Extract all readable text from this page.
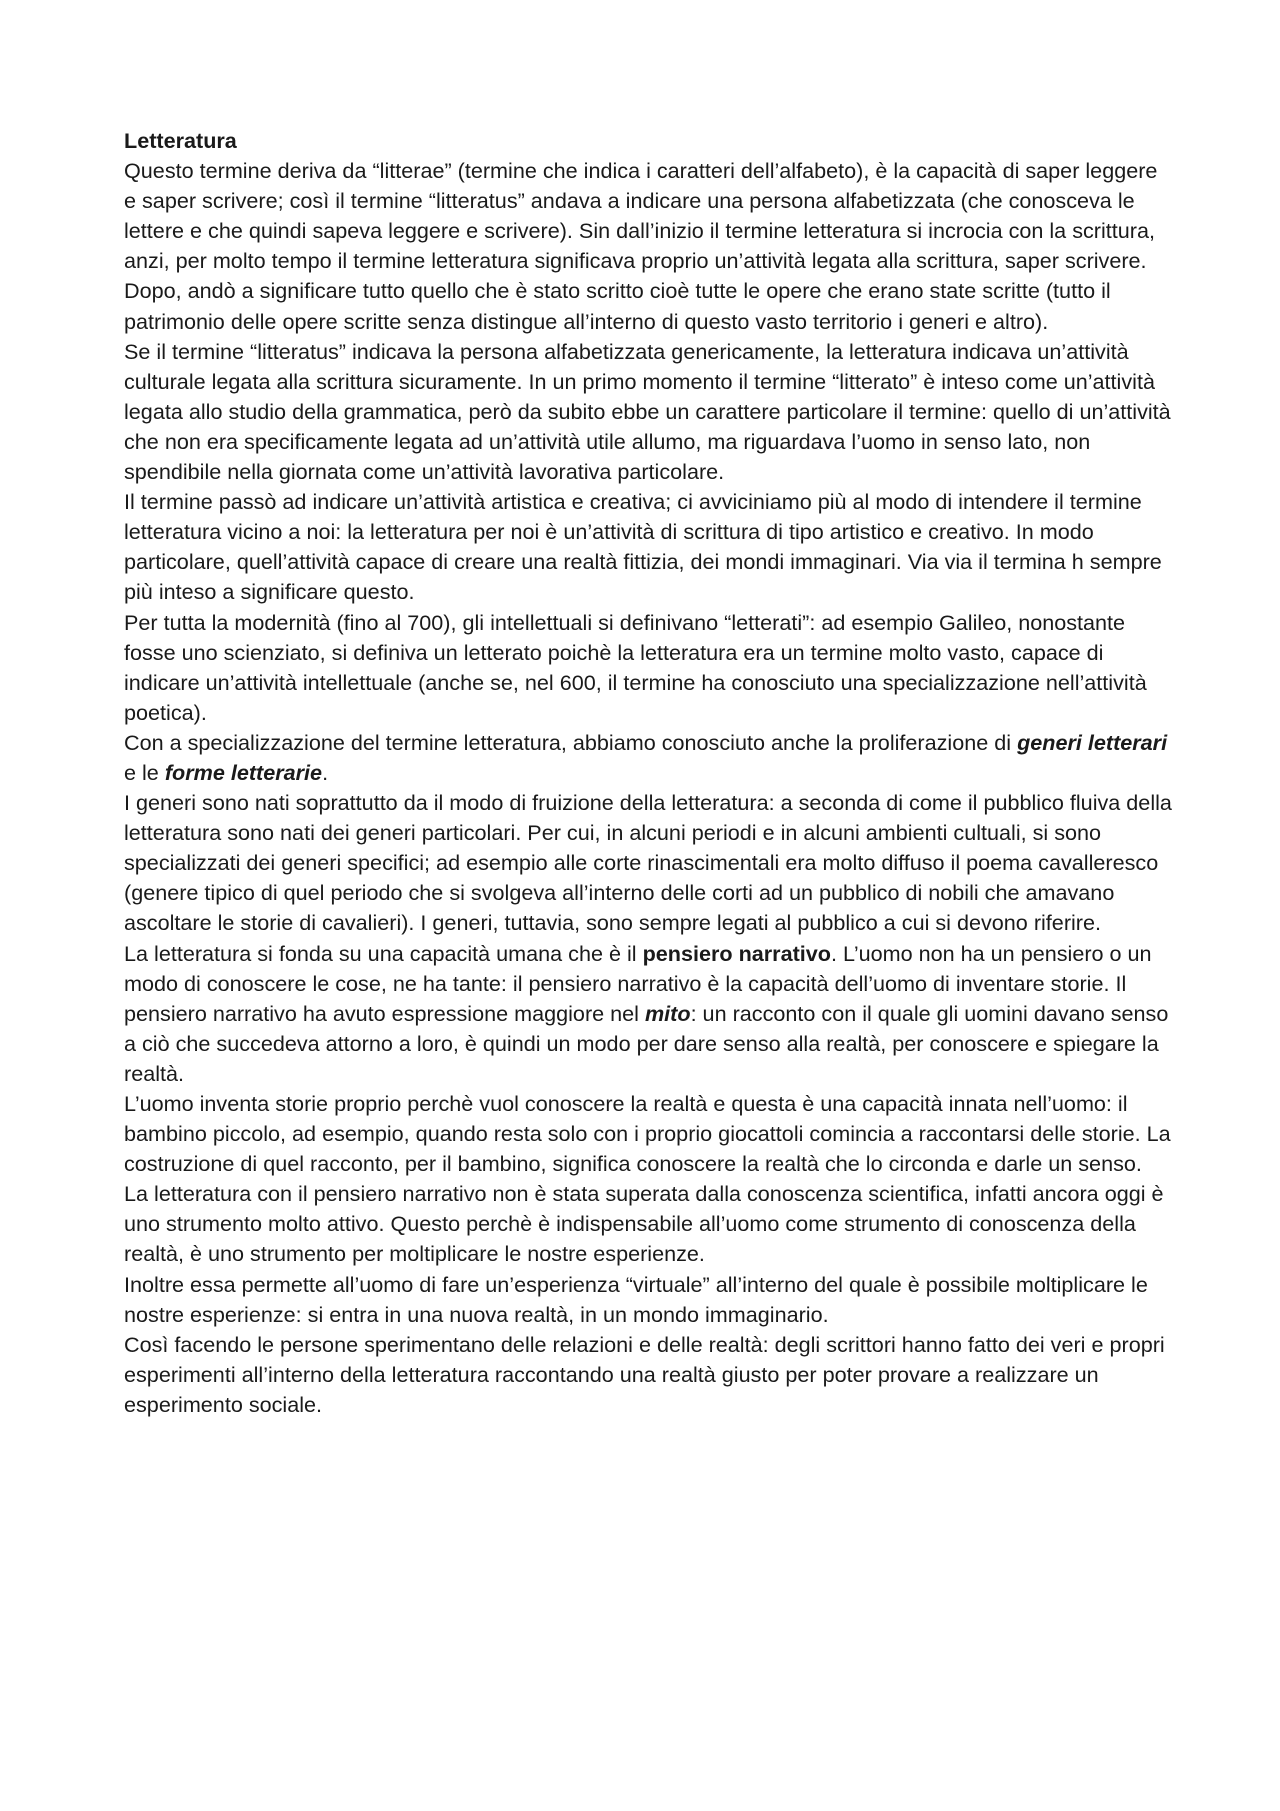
Letteratura

Questo termine deriva da “litterae” (termine che indica i caratteri dell’alfabeto), è la capacità di saper leggere e saper scrivere; così il termine “litteratus” andava a indicare una persona alfabetizzata (che conosceva le lettere e che quindi sapeva leggere e scrivere). Sin dall’inizio il termine letteratura si incrocia con la scrittura, anzi, per molto tempo il termine letteratura significava proprio un’attività legata alla scrittura, saper scrivere. Dopo, andò a significare tutto quello che è stato scritto cioè tutte le opere che erano state scritte (tutto il patrimonio delle opere scritte senza distingue all’interno di questo vasto territorio i generi e altro).

Se il termine “litteratus” indicava la persona alfabetizzata genericamente, la letteratura indicava un’attività culturale legata alla scrittura sicuramente. In un primo momento il termine “litterato” è inteso come un’attività legata allo studio della grammatica, però da subito ebbe un carattere particolare il termine: quello di un’attività che non era specificamente legata ad un’attività utile allumo, ma riguardava l’uomo in senso lato, non spendibile nella giornata come un’attività lavorativa particolare.

Il termine passò ad indicare un’attività artistica e creativa; ci avviciniamo più al modo di intendere il termine letteratura vicino a noi: la letteratura per noi è un’attività di scrittura di tipo artistico e creativo. In modo particolare, quell’attività capace di creare una realtà fittizia, dei mondi immaginari. Via via il termina h sempre più inteso a significare questo.

Per tutta la modernità (fino al 700), gli intellettuali si definivano “letterati”: ad esempio Galileo, nonostante fosse uno scienziato, si definiva un letterato poichè la letteratura era un termine molto vasto, capace di indicare un’attività intellettuale (anche se, nel 600, il termine ha conosciuto una specializzazione nell’attività poetica).

Con a specializzazione del termine letteratura, abbiamo conosciuto anche la proliferazione di generi letterari e le forme letterarie.

I generi sono nati soprattutto da il modo di fruizione della letteratura: a seconda di come il pubblico fluiva della letteratura sono nati dei generi particolari. Per cui, in alcuni periodi e in alcuni ambienti cultuali, si sono specializzati dei generi specifici; ad esempio alle corte rinascimentali era molto diffuso il poema cavalleresco (genere tipico di quel periodo che si svolgeva all’interno delle corti ad un pubblico di nobili che amavano ascoltare le storie di cavalieri). I generi, tuttavia, sono sempre legati al pubblico a cui si devono riferire.

La letteratura si fonda su una capacità umana che è il pensiero narrativo. L’uomo non ha un pensiero o un modo di conoscere le cose, ne ha tante: il pensiero narrativo è la capacità dell’uomo di inventare storie. Il pensiero narrativo ha avuto espressione maggiore nel mito: un racconto con il quale gli uomini davano senso a ciò che succedeva attorno a loro, è quindi un modo per dare senso alla realtà, per conoscere e spiegare la realtà.

L’uomo inventa storie proprio perchè vuol conoscere la realtà e questa è una capacità innata nell’uomo: il bambino piccolo, ad esempio, quando resta solo con i proprio giocattoli comincia a raccontarsi delle storie. La costruzione di quel racconto, per il bambino, significa conoscere la realtà che lo circonda e darle un senso.

La letteratura con il pensiero narrativo non è stata superata dalla conoscenza scientifica, infatti ancora oggi è uno strumento molto attivo. Questo perchè è indispensabile all’uomo come strumento di conoscenza della realtà, è uno strumento per moltiplicare le nostre esperienze.

Inoltre essa permette all’uomo di fare un’esperienza “virtuale” all’interno del quale è possibile moltiplicare le nostre esperienze: si entra in una nuova realtà, in un mondo immaginario.

Così facendo le persone sperimentano delle relazioni e delle realtà: degli scrittori hanno fatto dei veri e propri esperimenti all’interno della letteratura raccontando una realtà giusto per poter provare a realizzare un esperimento sociale.
